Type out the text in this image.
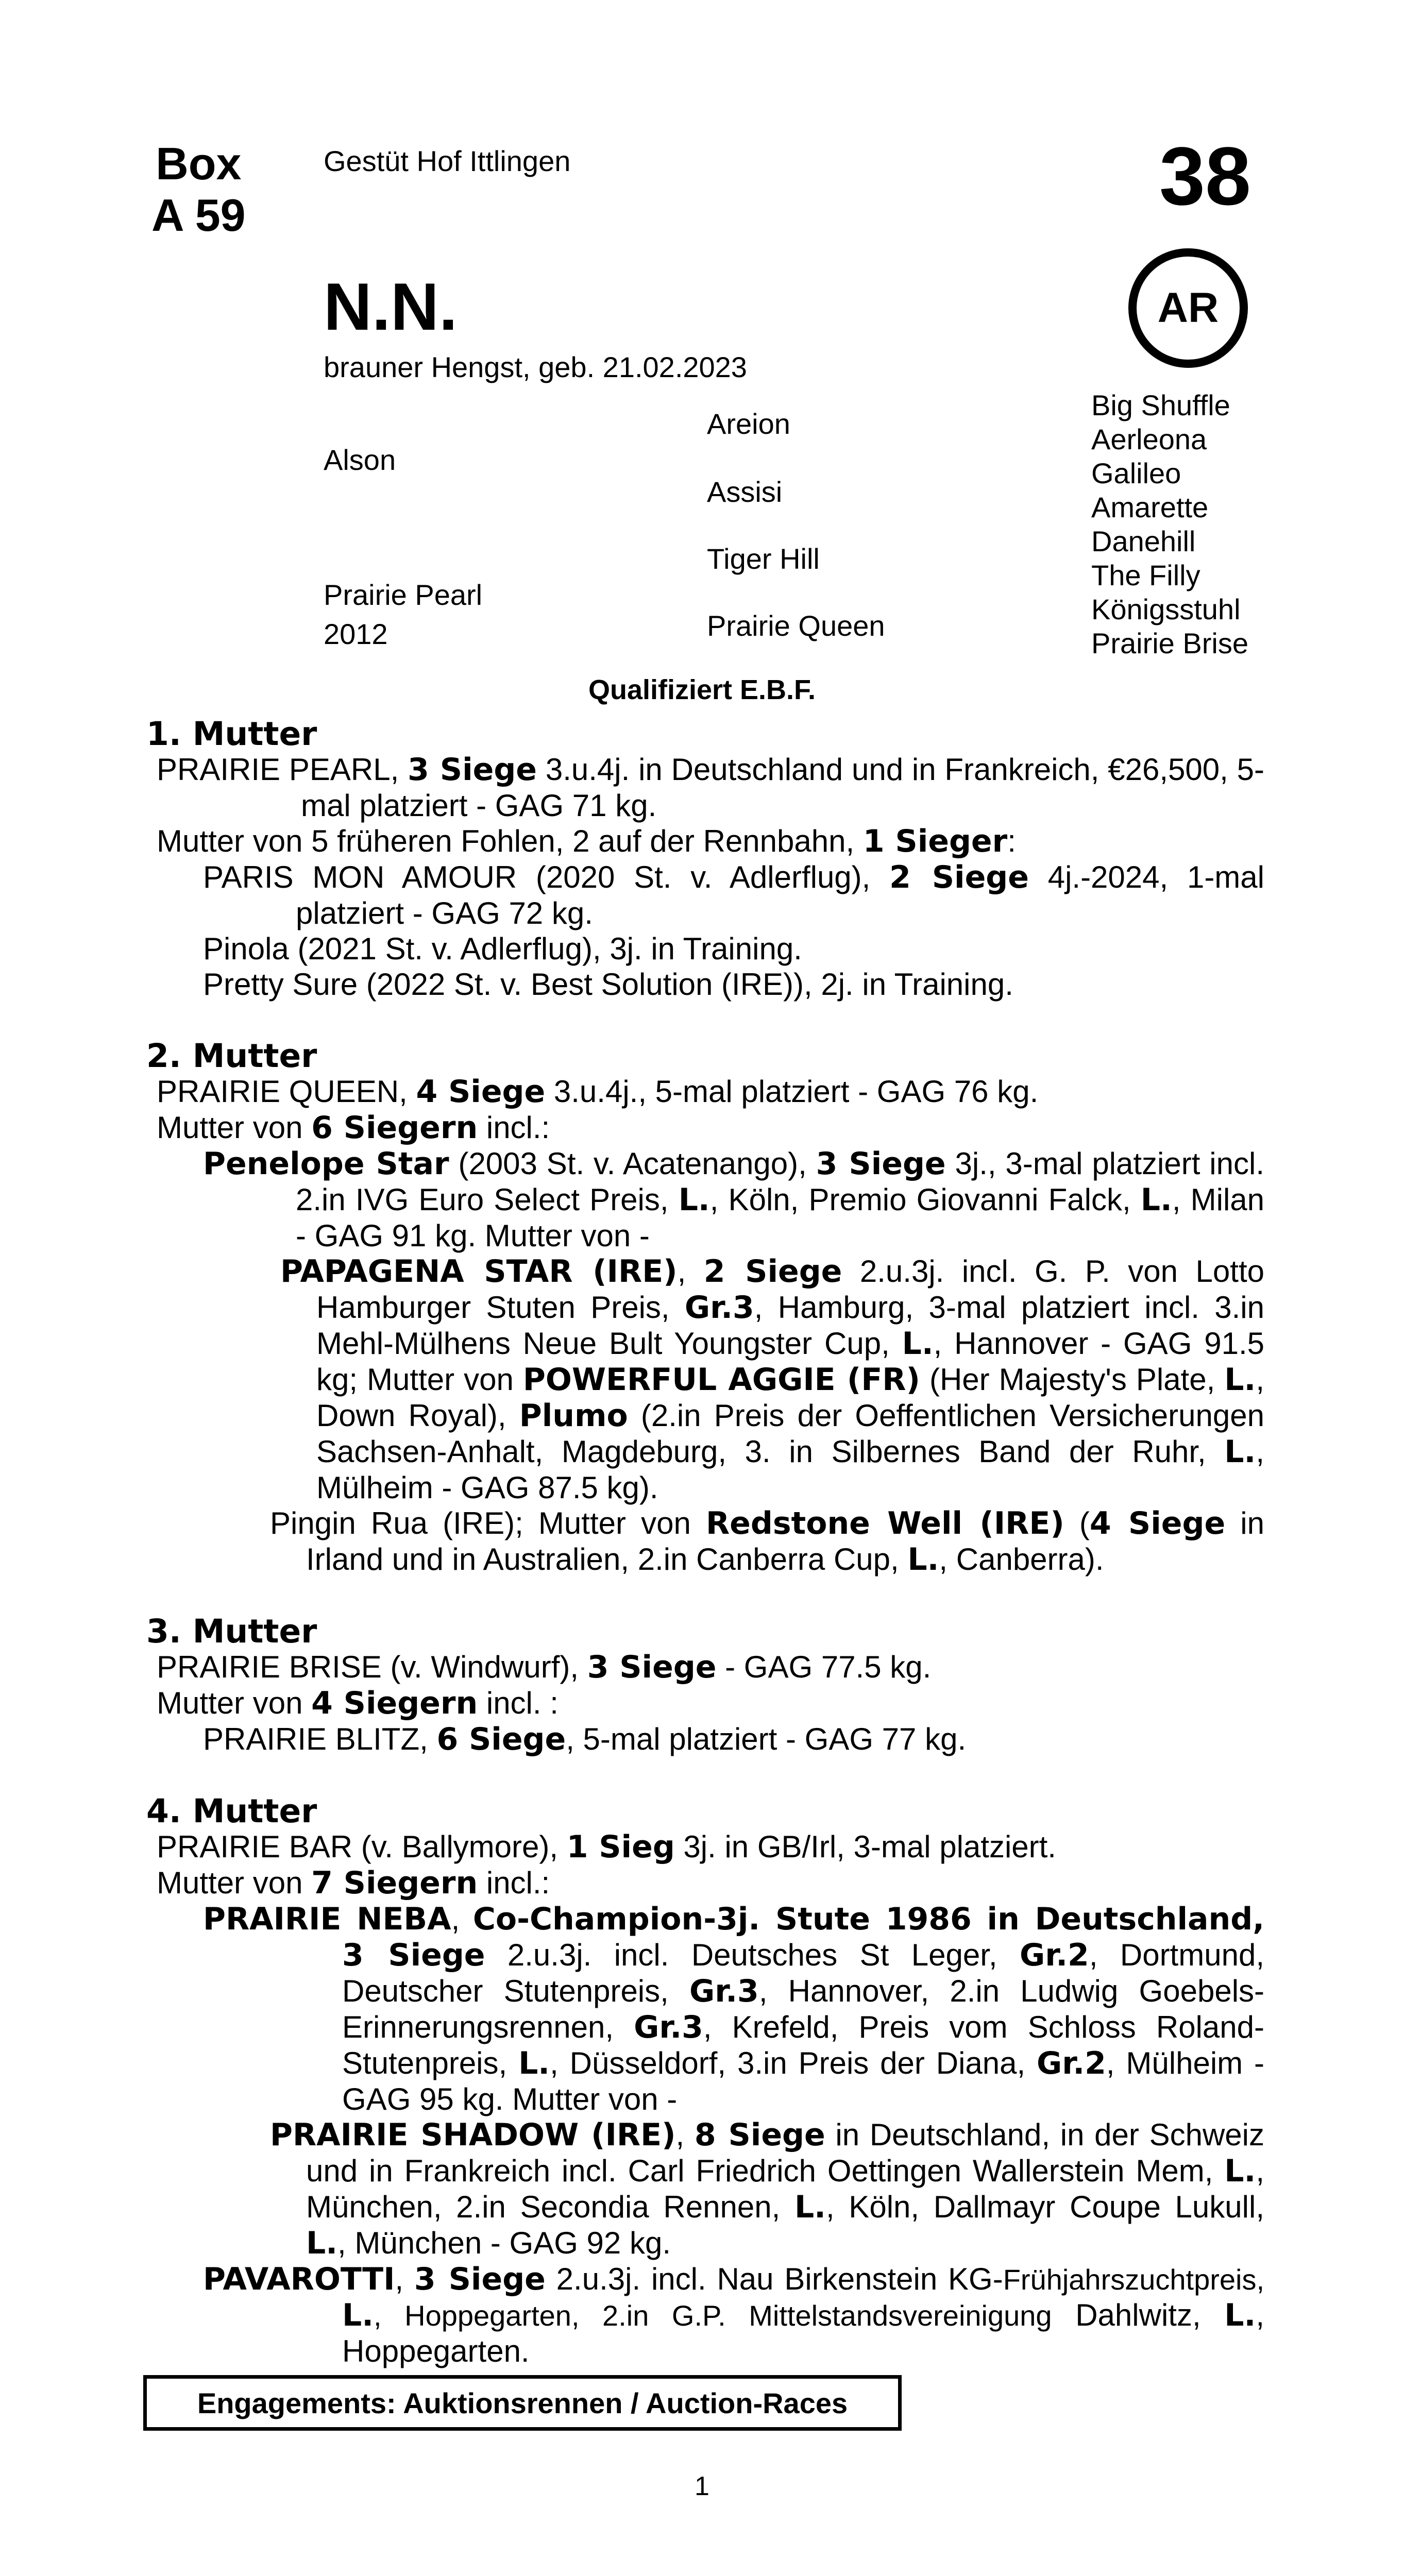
Box
A 59
Gestüt Hof Ittlingen	38
AR
N.N.
brauner Hengst, geb. 21.02.2023
Alson
Prairie Pearl
2012
Areion
Assisi
Tiger Hill
Prairie Queen
Big Shuffle
Aerleona
Galileo
Amarette
Danehill
The Filly
Königsstuhl
Prairie Brise
Qualifiziert E.B.F.
1. Mutter
PRAIRIE PEARL, 3 Siege 3.u.4j. in Deutschland und in Frankreich, €26,500, 5-mal platziert - GAG 71 kg.
Mutter von 5 früheren Fohlen, 2 auf der Rennbahn, 1 Sieger:
PARIS MON AMOUR (2020 St. v. Adlerflug), 2 Siege 4j.-2024, 1-mal platziert - GAG 72 kg.
Pinola (2021 St. v. Adlerflug), 3j. in Training.
Pretty Sure (2022 St. v. Best Solution (IRE)), 2j. in Training.
2. Mutter
PRAIRIE QUEEN, 4 Siege 3.u.4j., 5-mal platziert - GAG 76 kg.
Mutter von 6 Siegern incl.:
Penelope Star (2003 St. v. Acatenango), 3 Siege 3j., 3-mal platziert incl. 2.in IVG Euro Select Preis, L., Köln, Premio Giovanni Falck, L., Milan - GAG 91 kg. Mutter von -
PAPAGENA STAR (IRE), 2 Siege 2.u.3j. incl. G. P. von Lotto Hamburger Stuten Preis, Gr.3, Hamburg, 3-mal platziert incl. 3.in Mehl-Mülhens Neue Bult Youngster Cup, L., Hannover - GAG 91.5 kg; Mutter von POWERFUL AGGIE (FR) (Her Majesty's Plate, L., Down Royal), Plumo (2.in Preis der Oeffentlichen Versicherungen Sachsen-Anhalt, Magdeburg, 3. in Silbernes Band der Ruhr, L., Mülheim - GAG 87.5 kg).
Pingin Rua (IRE); Mutter von Redstone Well (IRE) (4 Siege in Irland und in Australien, 2.in Canberra Cup, L., Canberra).
3. Mutter
PRAIRIE BRISE (v. Windwurf), 3 Siege - GAG 77.5 kg.
Mutter von 4 Siegern incl. :
PRAIRIE BLITZ, 6 Siege, 5-mal platziert - GAG 77 kg.
4. Mutter
PRAIRIE BAR (v. Ballymore), 1 Sieg 3j. in GB/Irl, 3-mal platziert.
Mutter von 7 Siegern incl.:
PRAIRIE NEBA, Co-Champion-3j. Stute 1986 in Deutschland, 3 Siege 2.u.3j. incl. Deutsches St Leger, Gr.2, Dortmund, Deutscher Stutenpreis, Gr.3, Hannover, 2.in Ludwig Goebels-Erinnerungsrennen, Gr.3, Krefeld, Preis vom Schloss Roland-Stutenpreis, L., Düsseldorf, 3.in Preis der Diana, Gr.2, Mülheim - GAG 95 kg. Mutter von -
PRAIRIE SHADOW (IRE), 8 Siege in Deutschland, in der Schweiz und in Frankreich incl. Carl Friedrich Oettingen Wallerstein Mem, L., München, 2.in Secondia Rennen, L., Köln, Dallmayr Coupe Lukull, L., München - GAG 92 kg.
PAVAROTTI, 3 Siege 2.u.3j. incl. Nau Birkenstein KG-Frühjahrszuchtpreis, L., Hoppegarten, 2.in G.P. Mittelstandsvereinigung Dahlwitz, L., Hoppegarten.
Engagements: Auktionsrennen / Auction-Races
1
